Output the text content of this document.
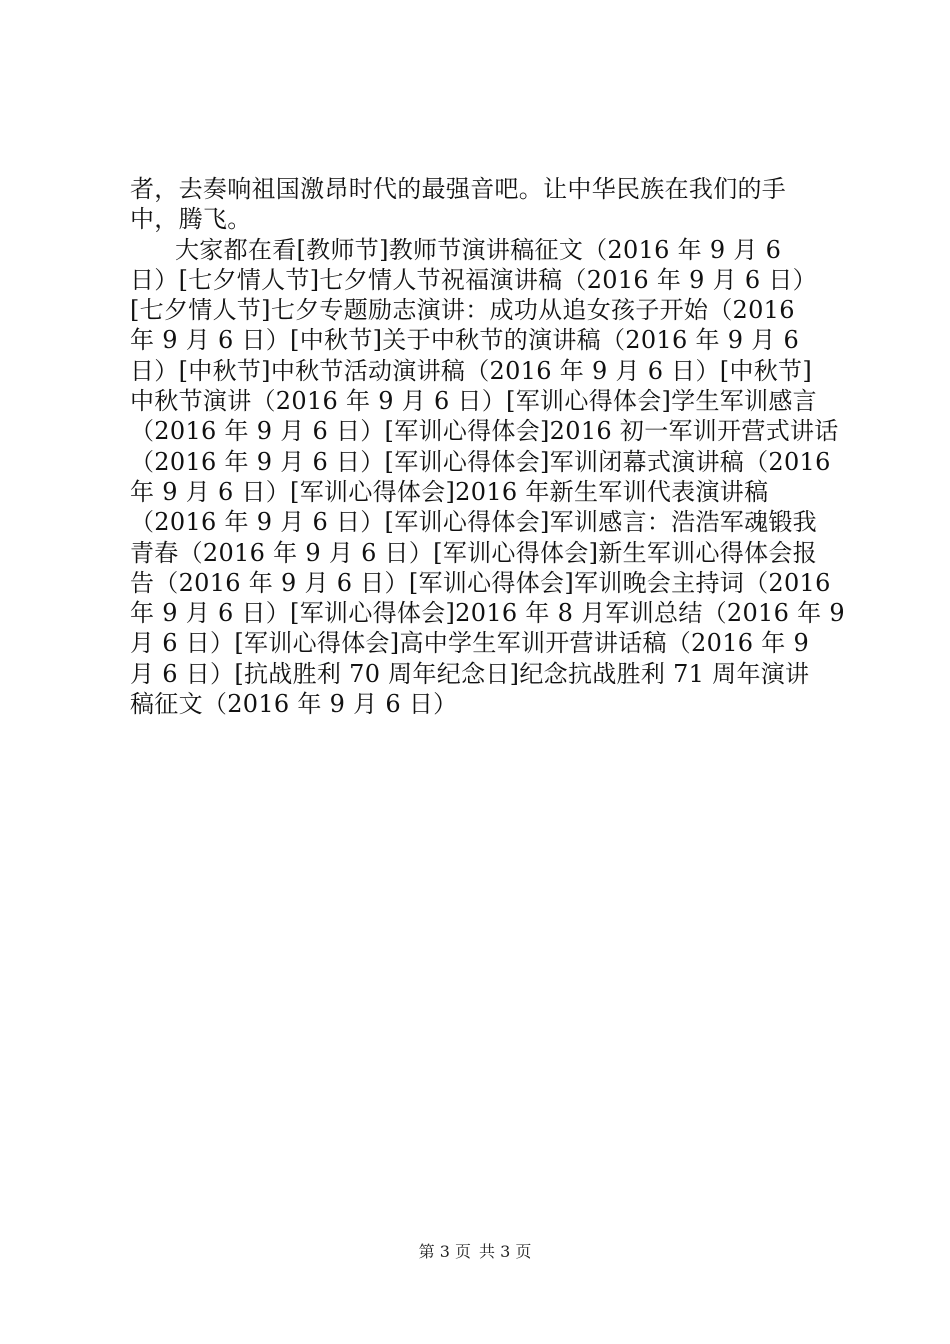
者，去奏响祖国激昂时代的最强音吧。让中华民族在我们的手
中，腾飞。
大家都在看[教师节]教师节演讲稿征文（2016 年 9 月 6
日）[七夕情人节]七夕情人节祝福演讲稿（2016 年 9 月 6 日）
[七夕情人节]七夕专题励志演讲：成功从追女孩子开始（2016
年 9 月 6 日）[中秋节]关于中秋节的演讲稿（2016 年 9 月 6
日）[中秋节]中秋节活动演讲稿（2016 年 9 月 6 日）[中秋节]
中秋节演讲（2016 年 9 月 6 日）[军训心得体会]学生军训感言
（2016 年 9 月 6 日）[军训心得体会]2016 初一军训开营式讲话
（2016 年 9 月 6 日）[军训心得体会]军训闭幕式演讲稿（2016
年 9 月 6 日）[军训心得体会]2016 年新生军训代表演讲稿
（2016 年 9 月 6 日）[军训心得体会]军训感言：浩浩军魂锻我
青春（2016 年 9 月 6 日）[军训心得体会]新生军训心得体会报
告（2016 年 9 月 6 日）[军训心得体会]军训晚会主持词（2016
年 9 月 6 日）[军训心得体会]2016 年 8 月军训总结（2016 年 9
月 6 日）[军训心得体会]高中学生军训开营讲话稿（2016 年 9
月 6 日）[抗战胜利 70 周年纪念日]纪念抗战胜利 71 周年演讲
稿征文（2016 年 9 月 6 日）
第 3 页 共 3 页
